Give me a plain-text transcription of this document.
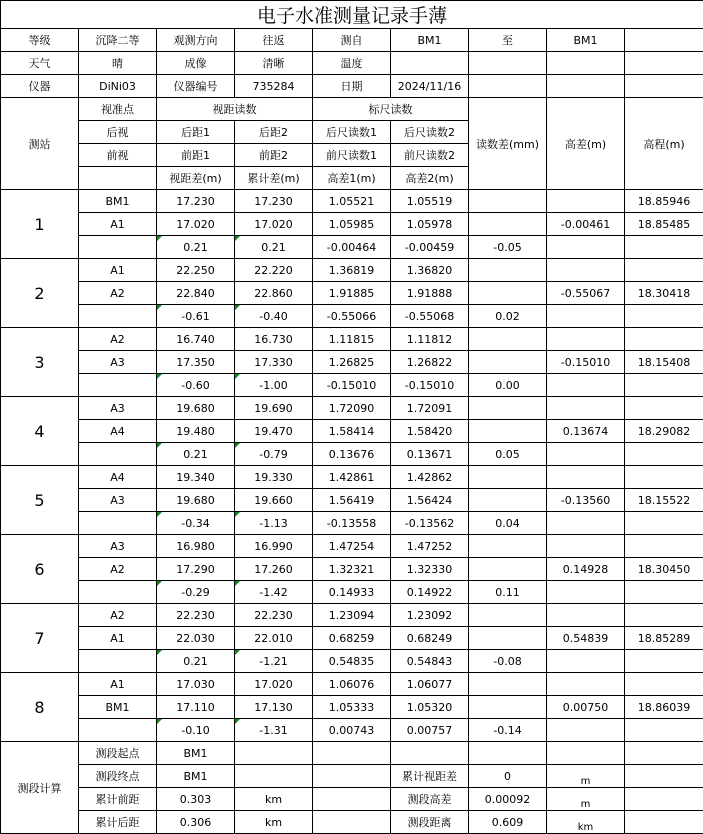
电子水准测量记录手薄								
等级	沉降二等	观测方向	往返	测自	BM1	至	BM1	
天气	晴	成像	清晰	温度				
仪器	DiNi03	仪器编号	735284	日期	2024/11/16			
测站	视准点	视距读数		标尺读数		读数差(mm)	高差(m)	高程(m)
	后视	后距1	后距2	后尺读数1	后尺读数2			
	前视	前距1	前距2	前尺读数1	前尺读数2			
		视距差(m)	累计差(m)	高差1(m)	高差2(m)			
1	BM1	17.230	17.230	1.05521	1.05519			18.85946
	A1	17.020	17.020	1.05985	1.05978		-0.00461	18.85485
		0.21	0.21	-0.00464	-0.00459	-0.05		
2	A1	22.250	22.220	1.36819	1.36820			
	A2	22.840	22.860	1.91885	1.91888		-0.55067	18.30418
		-0.61	-0.40	-0.55066	-0.55068	0.02		
3	A2	16.740	16.730	1.11815	1.11812			
	A3	17.350	17.330	1.26825	1.26822		-0.15010	18.15408
		-0.60	-1.00	-0.15010	-0.15010	0.00		
4	A3	19.680	19.690	1.72090	1.72091			
	A4	19.480	19.470	1.58414	1.58420		0.13674	18.29082
		0.21	-0.79	0.13676	0.13671	0.05		
5	A4	19.340	19.330	1.42861	1.42862			
	A3	19.680	19.660	1.56419	1.56424		-0.13560	18.15522
		-0.34	-1.13	-0.13558	-0.13562	0.04		
6	A3	16.980	16.990	1.47254	1.47252			
	A2	17.290	17.260	1.32321	1.32330		0.14928	18.30450
		-0.29	-1.42	0.14933	0.14922	0.11		
7	A2	22.230	22.230	1.23094	1.23092			
	A1	22.030	22.010	0.68259	0.68249		0.54839	18.85289
		0.21	-1.21	0.54835	0.54843	-0.08		
8	A1	17.030	17.020	1.06076	1.06077			
	BM1	17.110	17.130	1.05333	1.05320		0.00750	18.86039
		-0.10	-1.31	0.00743	0.00757	-0.14		
测段计算	测段起点	BM1						
	测段终点	BM1			累计视距差	0	m	
	累计前距	0.303	km		测段高差	0.00092	m	
	累计后距	0.306	km		测段距离	0.609	km	
